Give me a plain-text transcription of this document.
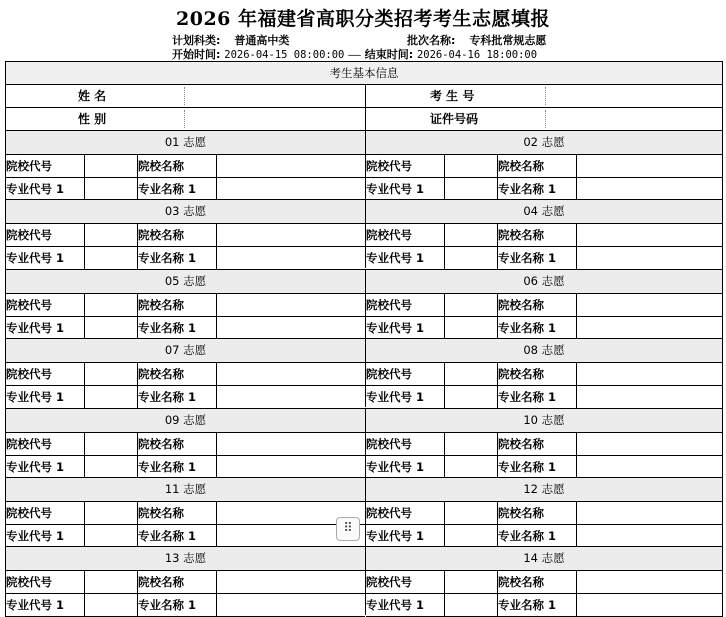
2026 年福建省高职分类招考考生志愿填报
计划科类: 普通高中类	批次名称: 专科批常规志愿
开始时间: 2026-04-15 08:00:00 —— 结束时间: 2026-04-16 18:00:00
考生基本信息
姓 名	考 生 号
性 别	证件号码
01 志愿
院校代号	院校名称
专业代号 1	专业名称 1
02 志愿
院校代号	院校名称
专业代号 1	专业名称 1
03 志愿
院校代号	院校名称
专业代号 1	专业名称 1
04 志愿
院校代号	院校名称
专业代号 1	专业名称 1
05 志愿
院校代号	院校名称
专业代号 1	专业名称 1
06 志愿
院校代号	院校名称
专业代号 1	专业名称 1
07 志愿
院校代号	院校名称
专业代号 1	专业名称 1
08 志愿
院校代号	院校名称
专业代号 1	专业名称 1
09 志愿
院校代号	院校名称
专业代号 1	专业名称 1
10 志愿
院校代号	院校名称
专业代号 1	专业名称 1
11 志愿
院校代号	院校名称
专业代号 1	专业名称 1
12 志愿
院校代号	院校名称
专业代号 1	专业名称 1
13 志愿
院校代号	院校名称
专业代号 1	专业名称 1
14 志愿
院校代号	院校名称
专业代号 1	专业名称 1
⠿
